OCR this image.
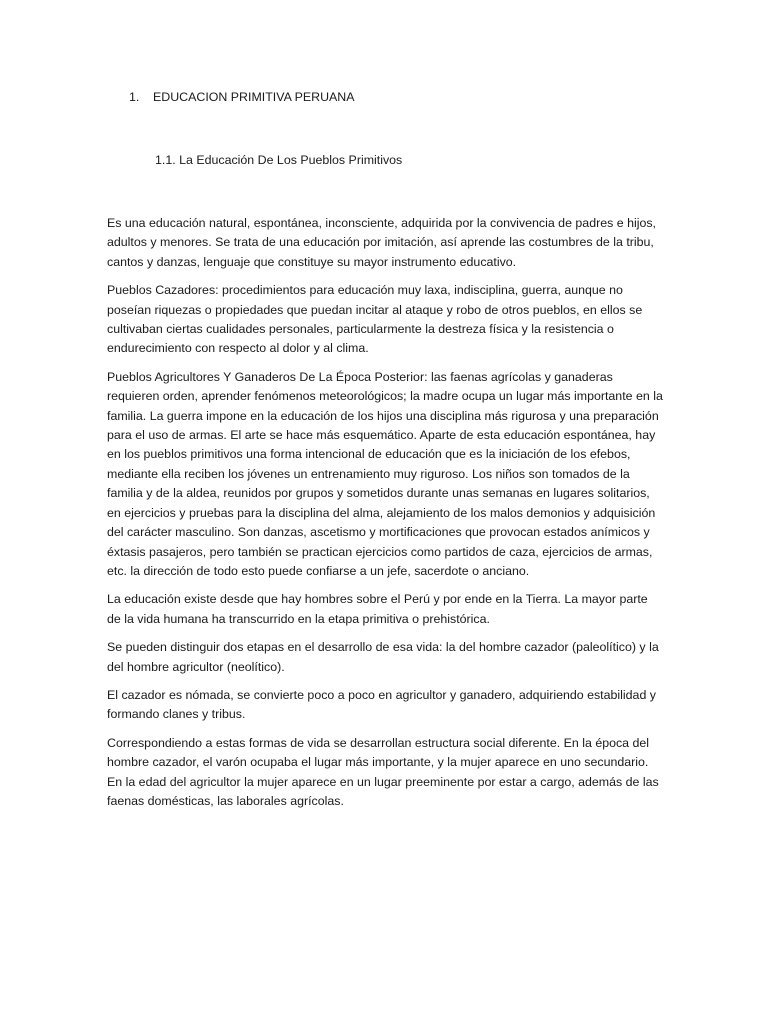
1. EDUCACION PRIMITIVA PERUANA
1.1. La Educación De Los Pueblos Primitivos

Es una educación natural, espontánea, inconsciente, adquirida por la convivencia de padres e hijos, adultos y menores. Se trata de una educación por imitación, así aprende las costumbres de la tribu, cantos y danzas, lenguaje que constituye su mayor instrumento educativo.

Pueblos Cazadores: procedimientos para educación muy laxa, indisciplina, guerra, aunque no poseían riquezas o propiedades que puedan incitar al ataque y robo de otros pueblos, en ellos se cultivaban ciertas cualidades personales, particularmente la destreza física y la resistencia o endurecimiento con respecto al dolor y al clima.

Pueblos Agricultores Y Ganaderos De La Época Posterior: las faenas agrícolas y ganaderas requieren orden, aprender fenómenos meteorológicos; la madre ocupa un lugar más importante en la familia. La guerra impone en la educación de los hijos una disciplina más rigurosa y una preparación para el uso de armas. El arte se hace más esquemático. Aparte de esta educación espontánea, hay en los pueblos primitivos una forma intencional de educación que es la iniciación de los efebos, mediante ella reciben los jóvenes un entrenamiento muy riguroso. Los niños son tomados de la familia y de la aldea, reunidos por grupos y sometidos durante unas semanas en lugares solitarios, en ejercicios y pruebas para la disciplina del alma, alejamiento de los malos demonios y adquisición del carácter masculino. Son danzas, ascetismo y mortificaciones que provocan estados anímicos y éxtasis pasajeros, pero también se practican ejercicios como partidos de caza, ejercicios de armas, etc. la dirección de todo esto puede confiarse a un jefe, sacerdote o anciano.

La educación existe desde que hay hombres sobre el Perú y por ende en la Tierra. La mayor parte de la vida humana ha transcurrido en la etapa primitiva o prehistórica.

Se pueden distinguir dos etapas en el desarrollo de esa vida: la del hombre cazador (paleolítico) y la del hombre agricultor (neolítico).

El cazador es nómada, se convierte poco a poco en agricultor y ganadero, adquiriendo estabilidad y formando clanes y tribus.

Correspondiendo a estas formas de vida se desarrollan estructura social diferente. En la época del hombre cazador, el varón ocupaba el lugar más importante, y la mujer aparece en uno secundario. En la edad del agricultor la mujer aparece en un lugar preeminente por estar a cargo, además de las faenas domésticas, las laborales agrícolas.
